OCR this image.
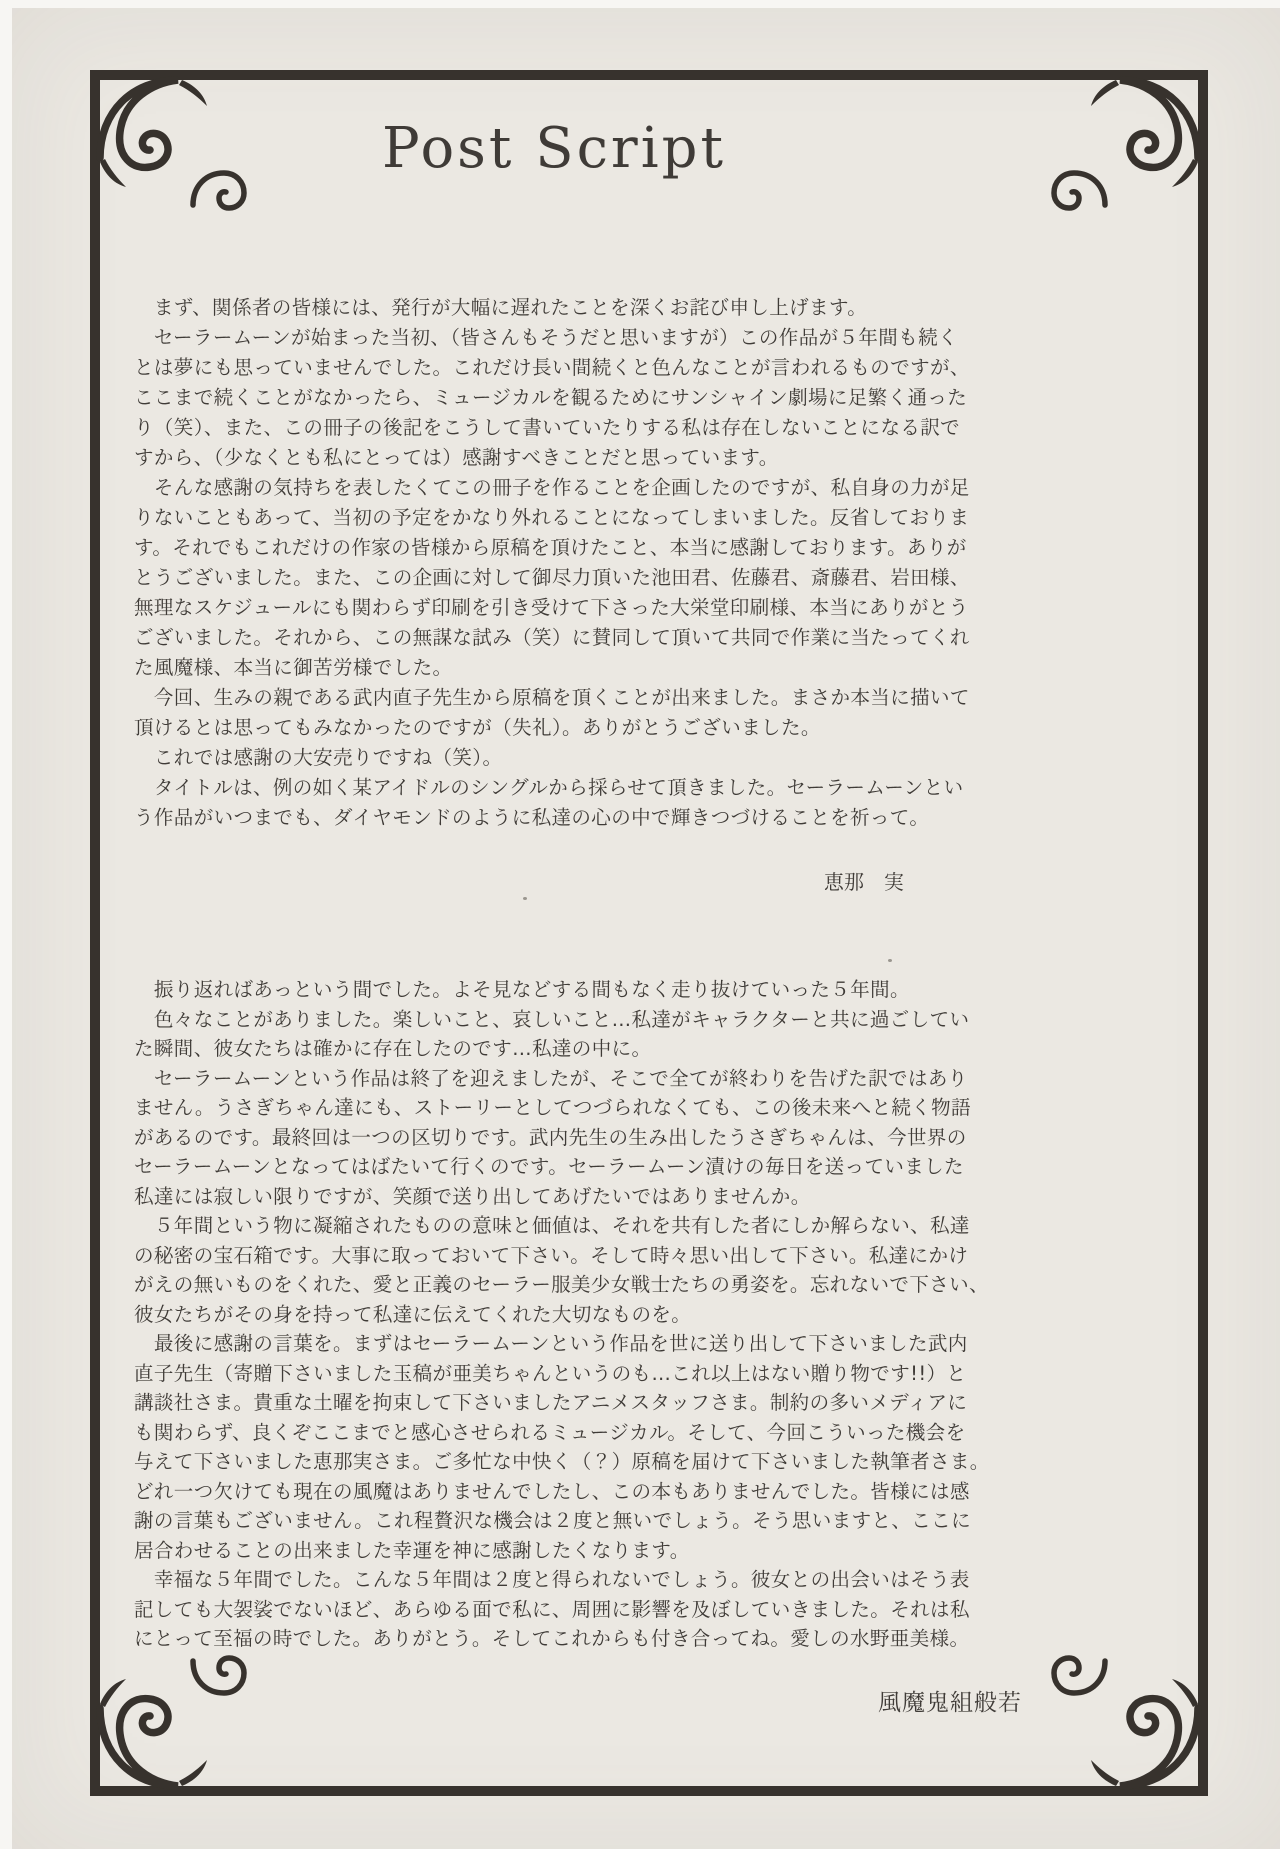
Post Script
　まず、関係者の皆様には、発行が大幅に遅れたことを深くお詫び申し上げます。
　セーラームーンが始まった当初、（皆さんもそうだと思いますが）この作品が５年間も続く
とは夢にも思っていませんでした。これだけ長い間続くと色んなことが言われるものですが、
ここまで続くことがなかったら、ミュージカルを観るためにサンシャイン劇場に足繁く通った
り（笑）、また、この冊子の後記をこうして書いていたりする私は存在しないことになる訳で
すから、（少なくとも私にとっては）感謝すべきことだと思っています。
　そんな感謝の気持ちを表したくてこの冊子を作ることを企画したのですが、私自身の力が足
りないこともあって、当初の予定をかなり外れることになってしまいました。反省しておりま
す。それでもこれだけの作家の皆様から原稿を頂けたこと、本当に感謝しております。ありが
とうございました。また、この企画に対して御尽力頂いた池田君、佐藤君、斎藤君、岩田様、
無理なスケジュールにも関わらず印刷を引き受けて下さった大栄堂印刷様、本当にありがとう
ございました。それから、この無謀な試み（笑）に賛同して頂いて共同で作業に当たってくれ
た風魔様、本当に御苦労様でした。
　今回、生みの親である武内直子先生から原稿を頂くことが出来ました。まさか本当に描いて
頂けるとは思ってもみなかったのですが（失礼）。ありがとうございました。
　これでは感謝の大安売りですね（笑）。
　タイトルは、例の如く某アイドルのシングルから採らせて頂きました。セーラームーンとい
う作品がいつまでも、ダイヤモンドのように私達の心の中で輝きつづけることを祈って。
恵那　実
　振り返ればあっという間でした。よそ見などする間もなく走り抜けていった５年間。
　色々なことがありました。楽しいこと、哀しいこと…私達がキャラクターと共に過ごしてい
た瞬間、彼女たちは確かに存在したのです…私達の中に。
　セーラームーンという作品は終了を迎えましたが、そこで全てが終わりを告げた訳ではあり
ません。うさぎちゃん達にも、ストーリーとしてつづられなくても、この後未来へと続く物語
があるのです。最終回は一つの区切りです。武内先生の生み出したうさぎちゃんは、今世界の
セーラームーンとなってはばたいて行くのです。セーラームーン漬けの毎日を送っていました
私達には寂しい限りですが、笑顔で送り出してあげたいではありませんか。
　５年間という物に凝縮されたものの意味と価値は、それを共有した者にしか解らない、私達
の秘密の宝石箱です。大事に取っておいて下さい。そして時々思い出して下さい。私達にかけ
がえの無いものをくれた、愛と正義のセーラー服美少女戦士たちの勇姿を。忘れないで下さい、
彼女たちがその身を持って私達に伝えてくれた大切なものを。
　最後に感謝の言葉を。まずはセーラームーンという作品を世に送り出して下さいました武内
直子先生（寄贈下さいました玉稿が亜美ちゃんというのも…これ以上はない贈り物です!!）と
講談社さま。貴重な土曜を拘束して下さいましたアニメスタッフさま。制約の多いメディアに
も関わらず、良くぞここまでと感心させられるミュージカル。そして、今回こういった機会を
与えて下さいました恵那実さま。ご多忙な中快く（？）原稿を届けて下さいました執筆者さま。
どれ一つ欠けても現在の風魔はありませんでしたし、この本もありませんでした。皆様には感
謝の言葉もございません。これ程贅沢な機会は２度と無いでしょう。そう思いますと、ここに
居合わせることの出来ました幸運を神に感謝したくなります。
　幸福な５年間でした。こんな５年間は２度と得られないでしょう。彼女との出会いはそう表
記しても大袈裟でないほど、あらゆる面で私に、周囲に影響を及ぼしていきました。それは私
にとって至福の時でした。ありがとう。そしてこれからも付き合ってね。愛しの水野亜美様。
風魔鬼組般若
